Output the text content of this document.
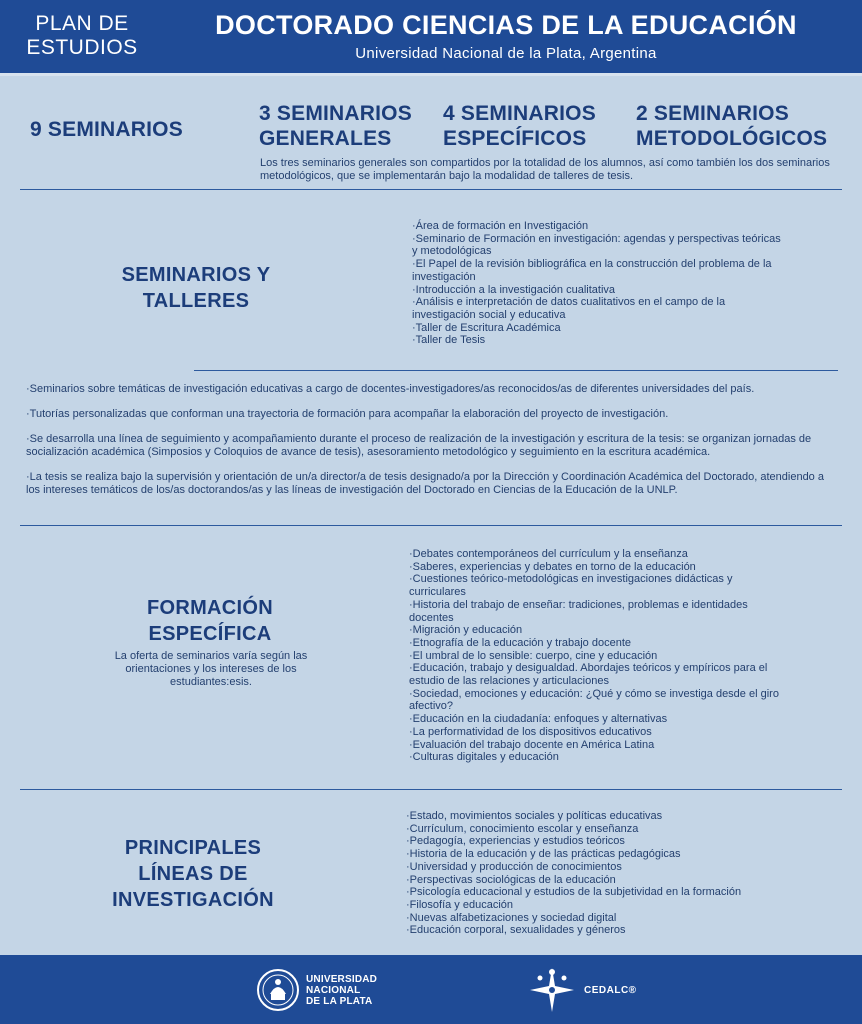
PLAN DE ESTUDIOS
DOCTORADO CIENCIAS DE LA EDUCACIÓN
Universidad Nacional de la Plata, Argentina
9 SEMINARIOS
3 SEMINARIOS GENERALES
4 SEMINARIOS ESPECÍFICOS
2 SEMINARIOS METODOLÓGICOS
Los tres seminarios generales son compartidos por la totalidad de los alumnos, así como también los dos seminarios metodológicos, que se implementarán bajo la modalidad de talleres de tesis.
SEMINARIOS Y TALLERES
· Área de formación en Investigación
· Seminario de Formación en investigación: agendas y perspectivas teóricas y metodológicas
· El Papel de la revisión bibliográfica en la construcción del problema de la investigación
· Introducción a la investigación cualitativa
· Análisis e interpretación de datos cualitativos en el campo de la investigación social y educativa
· Taller de Escritura Académica
· Taller de Tesis

· Seminarios sobre temáticas de investigación educativas a cargo de docentes-investigadores/as reconocidos/as de diferentes universidades del país.

· Tutorías personalizadas que conforman una trayectoria de formación para acompañar la elaboración del proyecto de investigación.

· Se desarrolla una línea de seguimiento y acompañamiento durante el proceso de realización de la investigación y escritura de la tesis: se organizan jornadas de socialización académica (Simposios y Coloquios de avance de tesis), asesoramiento metodológico y seguimiento en la escritura académica.

· La tesis se realiza bajo la supervisión y orientación de un/a director/a de tesis designado/a por la Dirección y Coordinación Académica del Doctorado, atendiendo a los intereses temáticos de los/as doctorandos/as y las líneas de investigación del Doctorado en Ciencias de la Educación de la UNLP.

FORMACIÓN ESPECÍFICA
La oferta de seminarios varía según las orientaciones y los intereses de los estudiantes:esis.
· Debates contemporáneos del currículum y la enseñanza
· Saberes, experiencias y debates en torno de la educación
· Cuestiones teórico-metodológicas en investigaciones didácticas y curriculares
· Historia del trabajo de enseñar: tradiciones, problemas e identidades docentes
· Migración y educación
· Etnografía de la educación y trabajo docente
· El umbral de lo sensible: cuerpo, cine y educación
· Educación, trabajo y desigualdad. Abordajes teóricos y empíricos para el estudio de las relaciones y articulaciones
· Sociedad, emociones y educación: ¿Qué y cómo se investiga desde el giro afectivo?
· Educación en la ciudadanía: enfoques y alternativas
· La performatividad de los dispositivos educativos
· Evaluación del trabajo docente en América Latina
· Culturas digitales y educación
PRINCIPALES LÍNEAS DE INVESTIGACIÓN
· Estado, movimientos sociales y políticas educativas
· Currículum, conocimiento escolar y enseñanza
· Pedagogía, experiencias y estudios teóricos
· Historia de la educación y de las prácticas pedagógicas
· Universidad y producción de conocimientos
· Perspectivas sociológicas de la educación
· Psicología educacional y estudios de la subjetividad en la formación
· Filosofía y educación
· Nuevas alfabetizaciones y sociedad digital
· Educación corporal, sexualidades y géneros
UNIVERSIDAD
NACIONAL
DE LA PLATA
CEDALC®
